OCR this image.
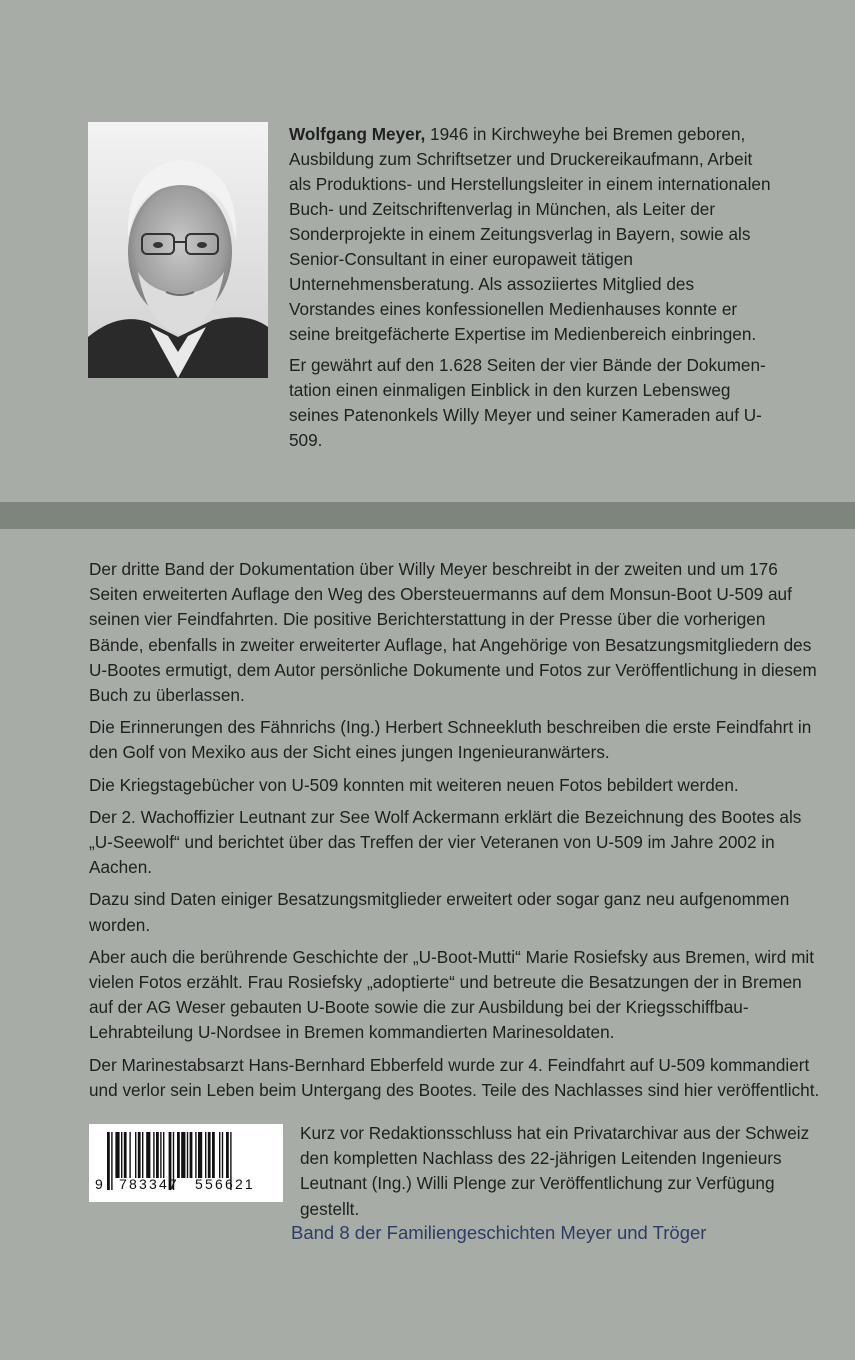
Wolfgang Meyer, 1946 in Kirchweyhe bei Bremen geboren, Ausbildung zum Schriftsetzer und Druckereikaufmann, Arbeit als Produktions- und Herstellungsleiter in einem internationalen Buch- und Zeitschriftenverlag in München, als Leiter der Sonderprojekte in einem Zeitungsverlag in Bayern, sowie als Senior-Consultant in einer europaweit tätigen Unternehmensberatung. Als assoziiertes Mitglied des Vorstandes eines konfessionellen Medienhauses konnte er seine breitgefächerte Expertise im Medienbereich einbringen.

Er gewährt auf den 1.628 Seiten der vier Bände der Dokumentation einen einmaligen Einblick in den kurzen Lebensweg seines Patenonkels Willy Meyer und seiner Kameraden auf U-509.

Der dritte Band der Dokumentation über Willy Meyer beschreibt in der zweiten und um 176 Seiten erweiterten Auflage den Weg des Obersteuermanns auf dem Monsun-Boot U-509 auf seinen vier Feindfahrten. Die positive Berichterstattung in der Presse über die vorherigen Bände, ebenfalls in zweiter erweiterter Auflage, hat Angehörige von Besatzungsmitgliedern des U-Bootes ermutigt, dem Autor persönliche Dokumente und Fotos zur Veröffentlichung in diesem Buch zu überlassen.

Die Erinnerungen des Fähnrichs (Ing.) Herbert Schneekluth beschreiben die erste Feindfahrt in den Golf von Mexiko aus der Sicht eines jungen Ingenieuranwärters.

Die Kriegstagebücher von U-509 konnten mit weiteren neuen Fotos bebildert werden.

Der 2. Wachoffizier Leutnant zur See Wolf Ackermann erklärt die Bezeichnung des Bootes als „U-Seewolf“ und berichtet über das Treffen der vier Veteranen von U-509 im Jahre 2002 in Aachen.

Dazu sind Daten einiger Besatzungsmitglieder erweitert oder sogar ganz neu aufgenommen worden.

Aber auch die berührende Geschichte der „U-Boot-Mutti“ Marie Rosiefsky aus Bremen, wird mit vielen Fotos erzählt. Frau Rosiefsky „adoptierte“ und betreute die Besatzungen der in Bremen auf der AG Weser gebauten U-Boote sowie die zur Ausbildung bei der Kriegsschiffbau-Lehrabteilung U-Nordsee in Bremen kommandierten Marinesoldaten.

Der Marinestabsarzt Hans-Bernhard Ebberfeld wurde zur 4. Feindfahrt auf U-509 kommandiert und verlor sein Leben beim Untergang des Bootes. Teile des Nachlasses sind hier veröffentlicht.

9 783347 556621

Kurz vor Redaktionsschluss hat ein Privatarchivar aus der Schweiz den kompletten Nachlass des 22-jährigen Leitenden Ingenieurs Leutnant (Ing.) Willi Plenge zur Veröffentlichung zur Verfügung gestellt.

Band 8 der Familiengeschichten Meyer und Tröger
